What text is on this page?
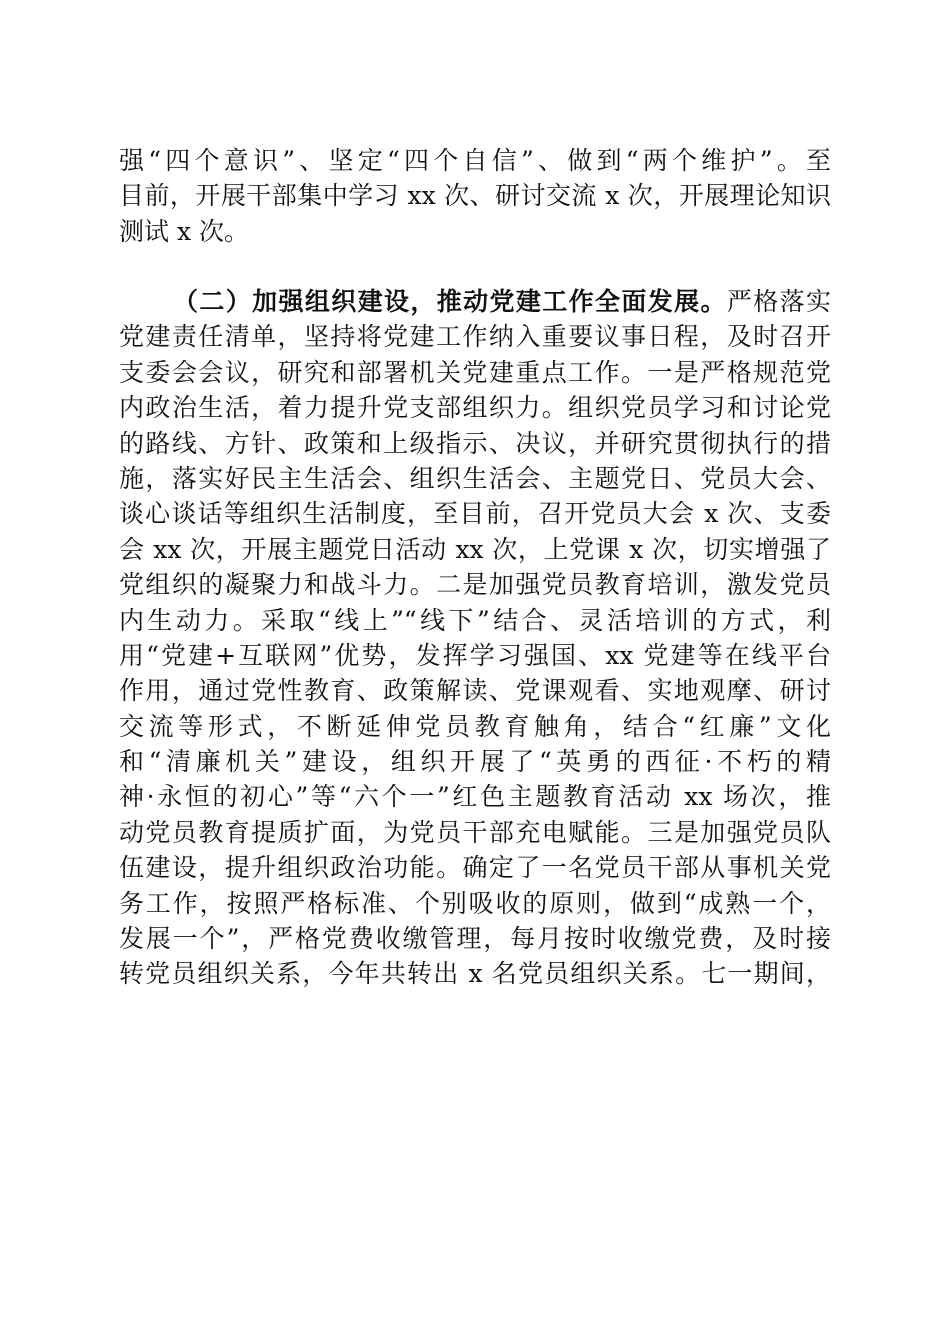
强“四个意识”、坚定“四个自信”、做到“两个维护”。至
目前，开展干部集中学习 xx 次、研讨交流 x 次，开展理论知识
测试 x 次。
（二）加强组织建设，推动党建工作全面发展。严格落实
党建责任清单，坚持将党建工作纳入重要议事日程，及时召开
支委会会议，研究和部署机关党建重点工作。一是严格规范党
内政治生活，着力提升党支部组织力。组织党员学习和讨论党
的路线、方针、政策和上级指示、决议，并研究贯彻执行的措
施，落实好民主生活会、组织生活会、主题党日、党员大会、
谈心谈话等组织生活制度，至目前，召开党员大会 x 次、支委
会 xx 次，开展主题党日活动 xx 次，上党课 x 次，切实增强了
党组织的凝聚力和战斗力。二是加强党员教育培训，激发党员
内生动力。采取“线上”“线下”结合、灵活培训的方式，利
用“党建+互联网”优势，发挥学习强国、xx 党建等在线平台
作用，通过党性教育、政策解读、党课观看、实地观摩、研讨
交流等形式，不断延伸党员教育触角，结合“红廉”文化
和“清廉机关”建设，组织开展了“英勇的西征·不朽的精
神·永恒的初心”等“六个一”红色主题教育活动 xx 场次，推
动党员教育提质扩面，为党员干部充电赋能。三是加强党员队
伍建设，提升组织政治功能。确定了一名党员干部从事机关党
务工作，按照严格标准、个别吸收的原则，做到“成熟一个，
发展一个”，严格党费收缴管理，每月按时收缴党费，及时接
转党员组织关系，今年共转出 x 名党员组织关系。七一期间，
